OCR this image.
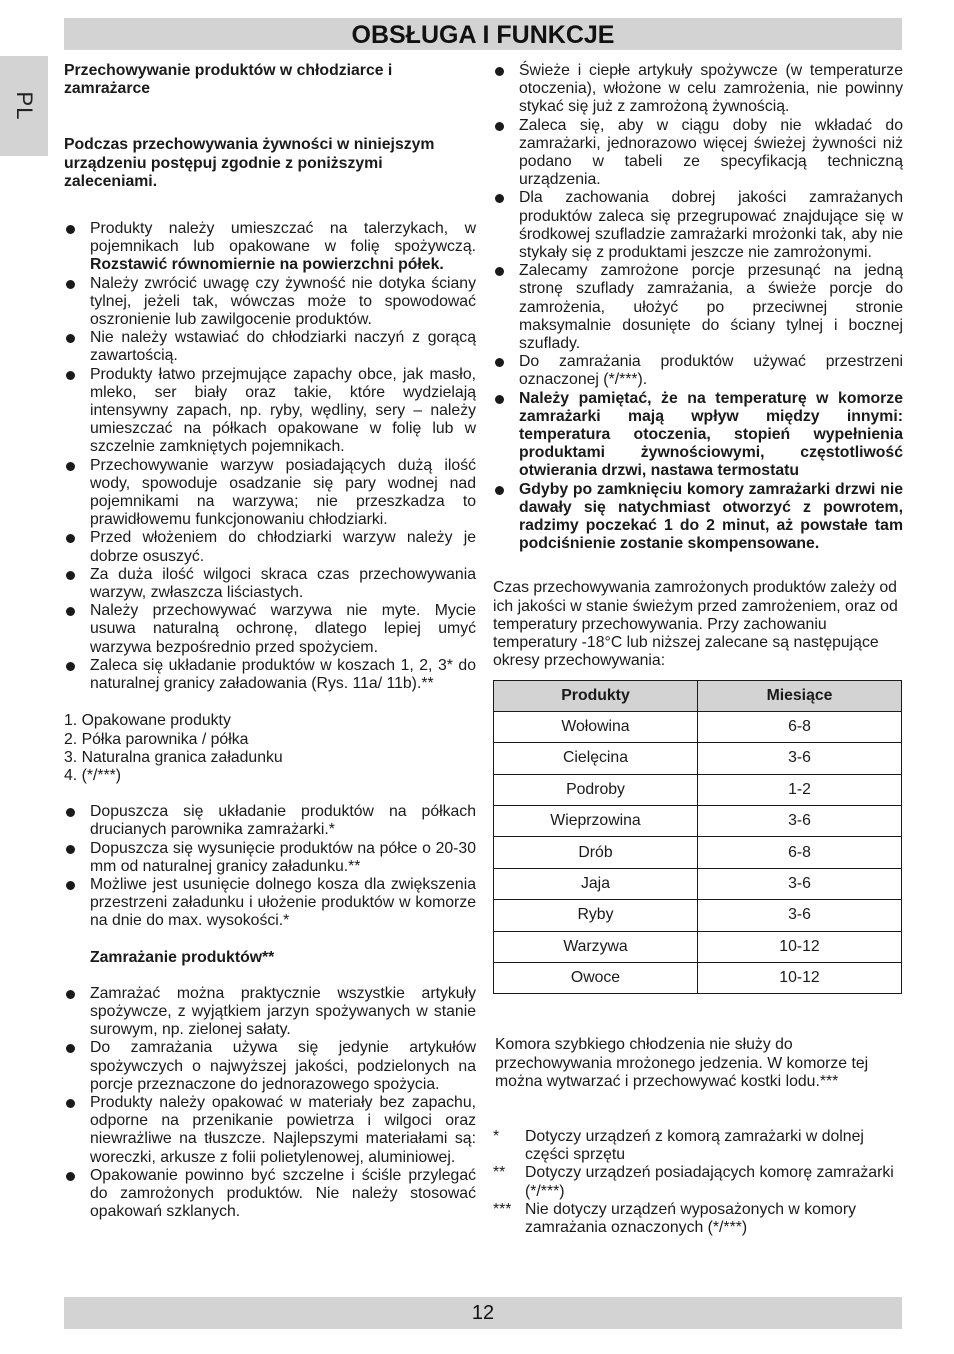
OBSŁUGA I FUNKCJE
PL

Przechowywanie produktów w chłodziarce i zamrażarce

Podczas przechowywania żywności w niniejszym urządzeniu postępuj zgodnie z poniższymi zaleceniami.

Produkty należy umieszczać na talerzykach, w pojemnikach lub opakowane w folię spożywczą. Rozstawić równomiernie na powierzchni półek.
Należy zwrócić uwagę czy żywność nie dotyka ściany tylnej, jeżeli tak, wówczas może to spowodować oszronienie lub zawilgocenie produktów.
Nie należy wstawiać do chłodziarki naczyń z gorącą zawartością.
Produkty łatwo przejmujące zapachy obce, jak masło, mleko, ser biały oraz takie, które wydzielają intensywny zapach, np. ryby, wędliny, sery – należy umieszczać na półkach opakowane w folię lub w szczelnie zamkniętych pojemnikach.
Przechowywanie warzyw posiadających dużą ilość wody, spowoduje osadzanie się pary wodnej nad pojemnikami na warzywa; nie przeszkadza to prawidłowemu funkcjonowaniu chłodziarki.
Przed włożeniem do chłodziarki warzyw należy je dobrze osuszyć.
Za duża ilość wilgoci skraca czas przechowywania warzyw, zwłaszcza liściastych.
Należy przechowywać warzywa nie myte. Mycie usuwa naturalną ochronę, dlatego lepiej umyć warzywa bezpośrednio przed spożyciem.
Zaleca się układanie produktów w koszach 1, 2, 3* do naturalnej granicy załadowania (Rys. 11a/ 11b).**
1. Opakowane produkty
2. Półka parownika / półka
3. Naturalna granica załadunku
4. (*/***)
Dopuszcza się układanie produktów na półkach drucianych parownika zamrażarki.*
Dopuszcza się wysunięcie produktów na półce o 20-30 mm od naturalnej granicy załadunku.**
Możliwe jest usunięcie dolnego kosza dla zwiększenia przestrzeni załadunku i ułożenie produktów w komorze na dnie do max. wysokości.*

Zamrażanie produktów**

Zamrażać można praktycznie wszystkie artykuły spożywcze, z wyjątkiem jarzyn spożywanych w stanie surowym, np. zielonej sałaty.
Do zamrażania używa się jedynie artykułów spożywczych o najwyższej jakości, podzielonych na porcje przeznaczone do jednorazowego spożycia.
Produkty należy opakować w materiały bez zapachu, odporne na przenikanie powietrza i wilgoci oraz niewrażliwe na tłuszcze. Najlepszymi materiałami są: woreczki, arkusze z folii polietylenowej, aluminiowej.
Opakowanie powinno być szczelne i ściśle przylegać do zamrożonych produktów. Nie należy stosować opakowań szklanych.
Świeże i ciepłe artykuły spożywcze (w temperaturze otoczenia), włożone w celu zamrożenia, nie powinny stykać się już z zamrożoną żywnością.
Zaleca się, aby w ciągu doby nie wkładać do zamrażarki, jednorazowo więcej świeżej żywności niż podano w tabeli ze specyfikacją techniczną urządzenia.
Dla zachowania dobrej jakości zamrażanych produktów zaleca się przegrupować znajdujące się w środkowej szufladzie zamrażarki mrożonki tak, aby nie stykały się z produktami jeszcze nie zamrożonymi.
Zalecamy zamrożone porcje przesunąć na jedną stronę szuflady zamrażania, a świeże porcje do zamrożenia, ułożyć po przeciwnej stronie maksymalnie dosunięte do ściany tylnej i bocznej szuflady.
Do zamrażania produktów używać przestrzeni oznaczonej (*/***).
Należy pamiętać, że na temperaturę w komorze zamrażarki mają wpływ między innymi: temperatura otoczenia, stopień wypełnienia produktami żywnościowymi, częstotliwość otwierania drzwi, nastawa termostatu
Gdyby po zamknięciu komory zamrażarki drzwi nie dawały się natychmiast otworzyć z powrotem, radzimy poczekać 1 do 2 minut, aż powstałe tam podciśnienie zostanie skompensowane.

Czas przechowywania zamrożonych produktów zależy od ich jakości w stanie świeżym przed zamrożeniem, oraz od temperatury przechowywania. Przy zachowaniu temperatury -18°C lub niższej zalecane są następujące okresy przechowywania:

Produkty	Miesiące
Wołowina	6-8
Cielęcina	3-6
Podroby	1-2
Wieprzowina	3-6
Drób	6-8
Jaja	3-6
Ryby	3-6
Warzywa	10-12
Owoce	10-12

Komora szybkiego chłodzenia nie służy do przechowywania mrożonego jedzenia. W komorze tej można wytwarzać i przechowywać kostki lodu.***

*	Dotyczy urządzeń z komorą zamrażarki w dolnej części sprzętu
**	Dotyczy urządzeń posiadających komorę zamrażarki (*/***)
*** Nie dotyczy urządzeń wyposażonych w komory zamrażania oznaczonych (*/***)
12
